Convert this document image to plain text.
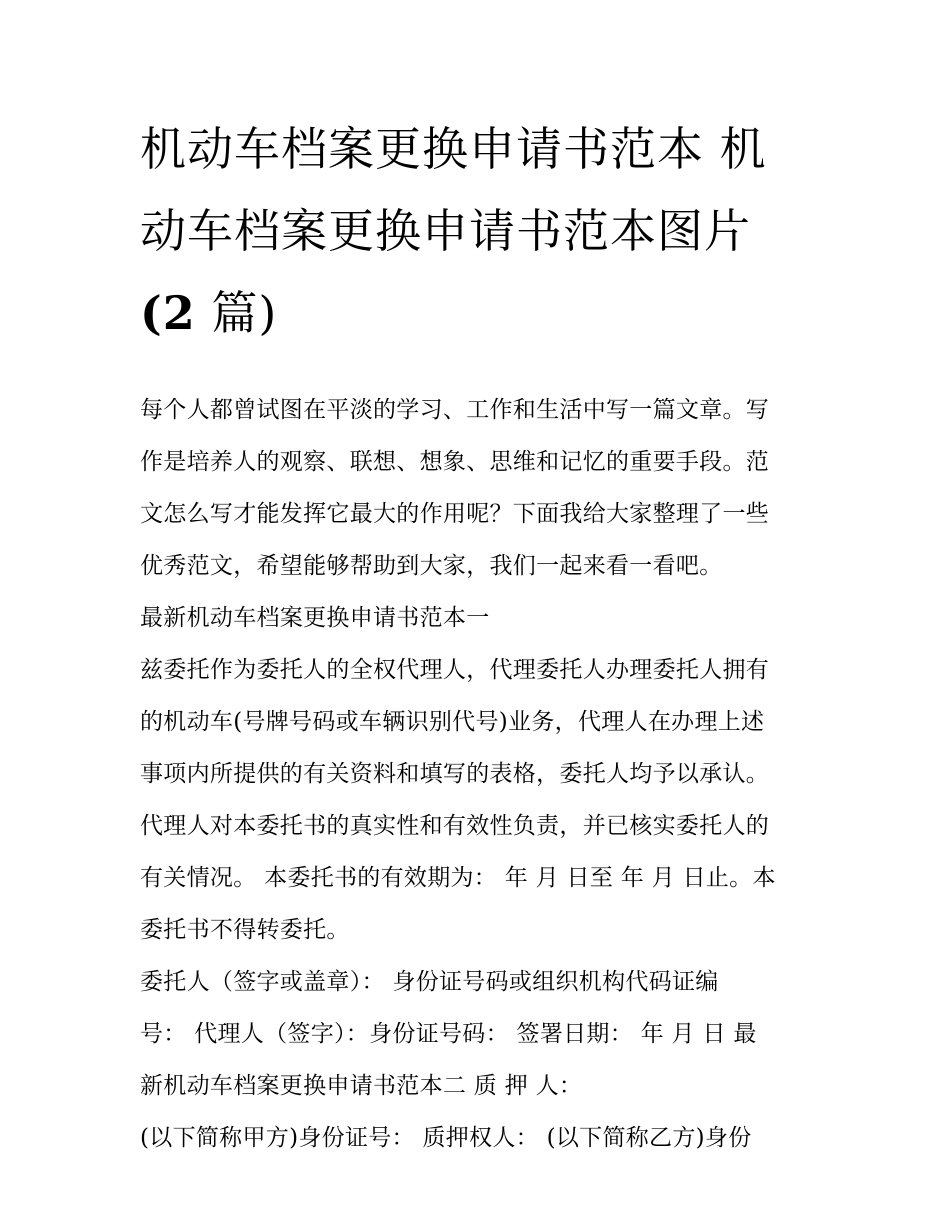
机动车档案更换申请书范本 机
动车档案更换申请书范本图片
(2 篇)

每个人都曾试图在平淡的学习、工作和生活中写一篇文章。写

作是培养人的观察、联想、想象、思维和记忆的重要手段。范

文怎么写才能发挥它最大的作用呢？下面我给大家整理了一些

优秀范文，希望能够帮助到大家，我们一起来看一看吧。

最新机动车档案更换申请书范本一

兹委托作为委托人的全权代理人，代理委托人办理委托人拥有

的机动车(号牌号码或车辆识别代号)业务，代理人在办理上述

事项内所提供的有关资料和填写的表格，委托人均予以承认。

代理人对本委托书的真实性和有效性负责，并已核实委托人的

有关情况。 本委托书的有效期为： 年 月 日至 年 月 日止。本

委托书不得转委托。

委托人（签字或盖章）： 身份证号码或组织机构代码证编

号： 代理人（签字）：身份证号码： 签署日期： 年 月 日 最

新机动车档案更换申请书范本二 质 押 人：

(以下简称甲方)身份证号： 质押权人： (以下简称乙方)身份
